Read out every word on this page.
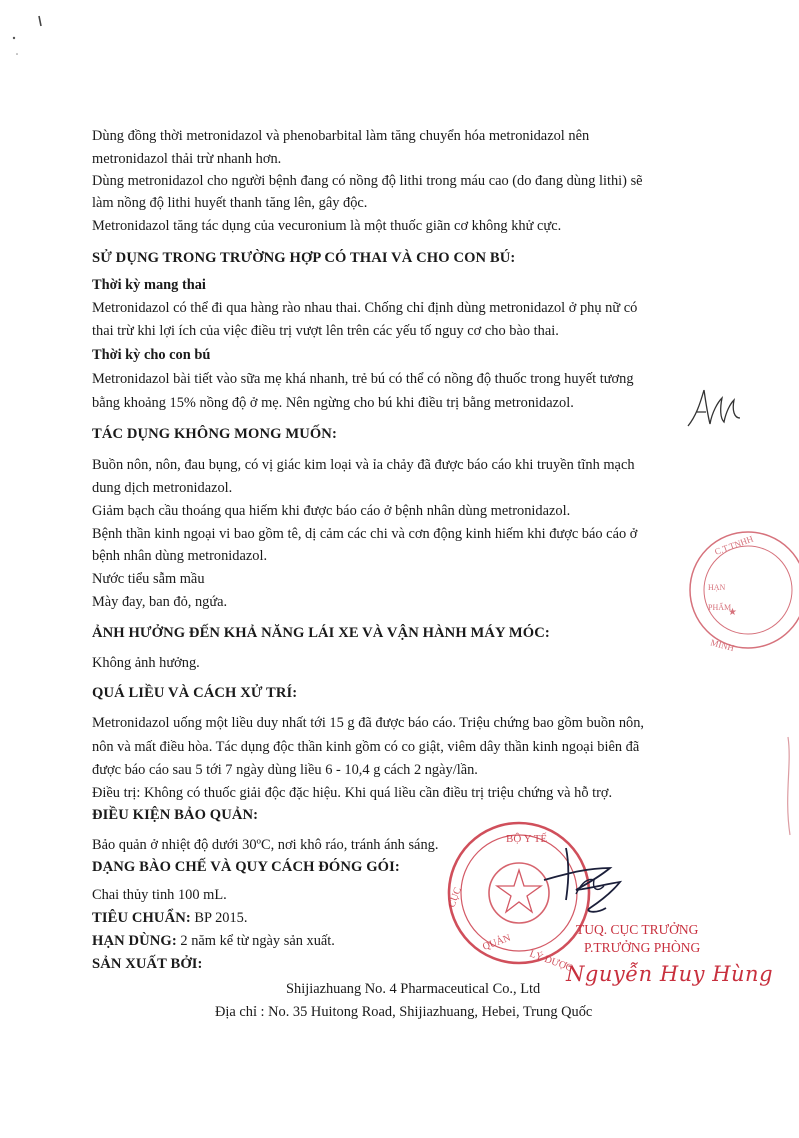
Dùng đồng thời metronidazol và phenobarbital làm tăng chuyển hóa metronidazol nên
metronidazol thải trừ nhanh hơn.
Dùng metronidazol cho người bệnh đang có nồng độ lithi trong máu cao (do đang dùng lithi) sẽ
làm nồng độ lithi huyết thanh tăng lên, gây độc.
Metronidazol tăng tác dụng của vecuronium là một thuốc giãn cơ không khử cực.
SỬ DỤNG TRONG TRƯỜNG HỢP CÓ THAI VÀ CHO CON BÚ:
Thời kỳ mang thai
Metronidazol có thể đi qua hàng rào nhau thai. Chống chỉ định dùng metronidazol ở phụ nữ có
thai trừ khi lợi ích của việc điều trị vượt lên trên các yếu tố nguy cơ cho bào thai.
Thời kỳ cho con bú
Metronidazol bài tiết vào sữa mẹ khá nhanh, trẻ bú có thể có nồng độ thuốc trong huyết tương
bằng khoảng 15% nồng độ ở mẹ. Nên ngừng cho bú khi điều trị bằng metronidazol.
TÁC DỤNG KHÔNG MONG MUỐN:
Buồn nôn, nôn, đau bụng, có vị giác kim loại và ỉa chảy đã được báo cáo khi truyền tĩnh mạch
dung dịch metronidazol.
Giảm bạch cầu thoáng qua hiếm khi được báo cáo ở bệnh nhân dùng metronidazol.
Bệnh thần kinh ngoại vi bao gồm tê, dị cảm các chi và cơn động kinh hiếm khi được báo cáo ở
bệnh nhân dùng metronidazol.
Nước tiểu sẫm mầu
Mày đay, ban đỏ, ngứa.
ẢNH HƯỞNG ĐẾN KHẢ NĂNG LÁI XE VÀ VẬN HÀNH MÁY MÓC:
Không ảnh hưởng.
QUÁ LIỀU VÀ CÁCH XỬ TRÍ:
Metronidazol uống một liều duy nhất tới 15 g đã được báo cáo. Triệu chứng bao gồm buồn nôn,
nôn và mất điều hòa. Tác dụng độc thần kinh gồm có co giật, viêm dây thần kinh ngoại biên đã
được báo cáo sau 5 tới 7 ngày dùng liều 6 - 10,4 g cách 2 ngày/lần.
Điều trị: Không có thuốc giải độc đặc hiệu. Khi quá liều cần điều trị triệu chứng và hỗ trợ.
ĐIỀU KIỆN BẢO QUẢN:
Bảo quản ở nhiệt độ dưới 30ºC, nơi khô ráo, tránh ánh sáng.
DẠNG BÀO CHẾ VÀ QUY CÁCH ĐÓNG GÓI:
Chai thủy tinh 100 mL.
TIÊU CHUẨN: BP 2015.
HẠN DÙNG: 2 năm kể từ ngày sản xuất.
SẢN XUẤT BỞI:
Shijiazhuang No. 4 Pharmaceutical Co., Ltd
Địa chỉ : No. 35 Huitong Road, Shijiazhuang, Hebei, Trung Quốc
C.T.TNHH
HẠN
PHẨM
★
MINH
BỘ Y TẾ
CỤC
QUẢN
LÝ DƯỢC
TUQ. CỤC TRƯỞNG
P.TRƯỞNG PHÒNG
Nguyễn Huy Hùng
